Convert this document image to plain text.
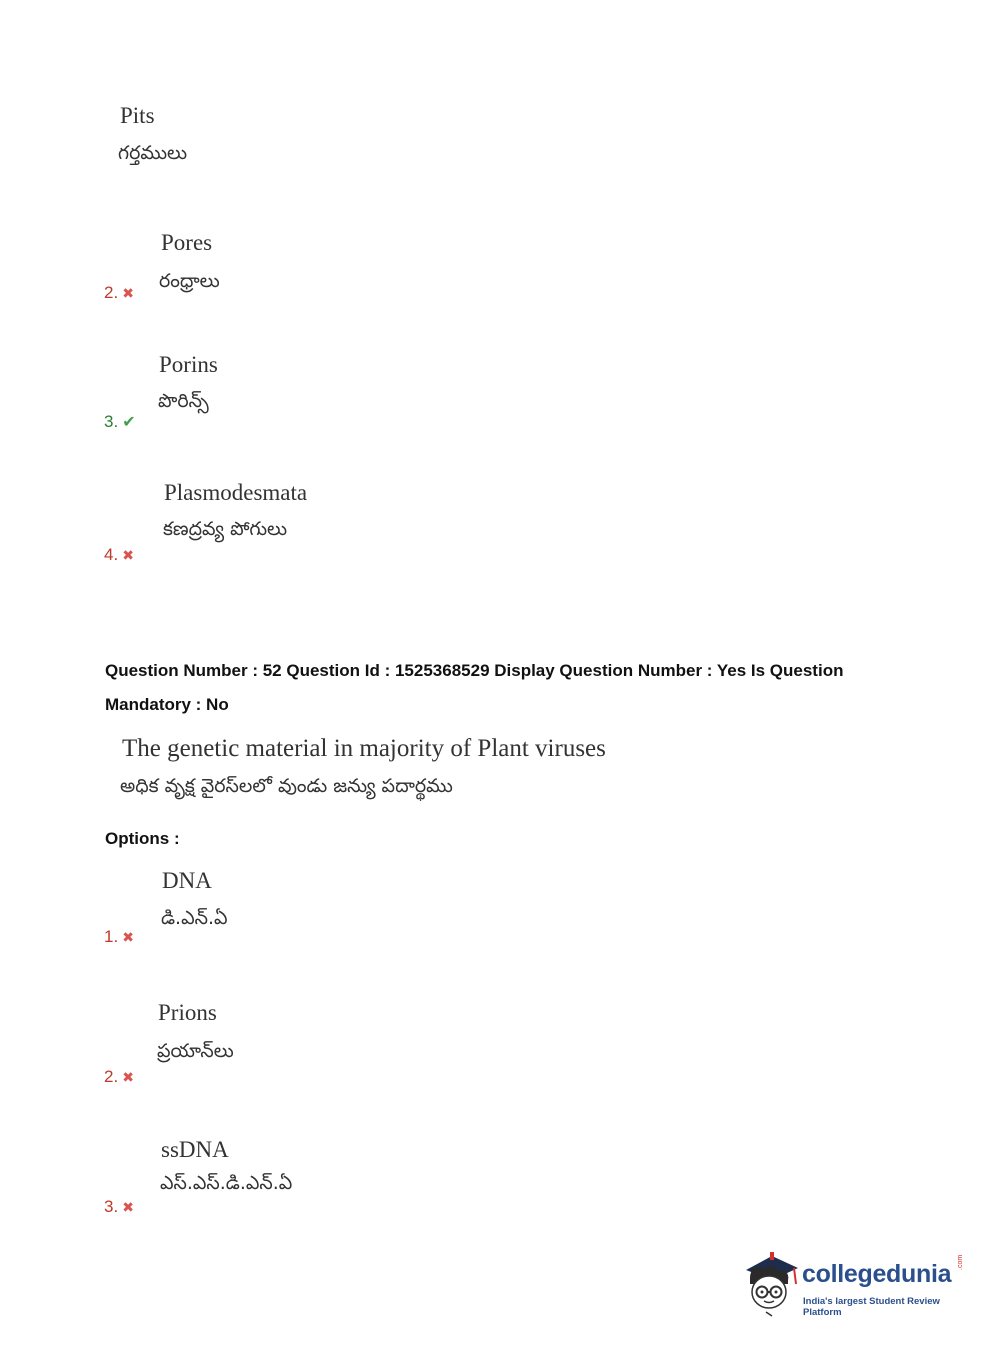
Pits
గర్తములు
Pores
రంధ్రాలు
2. ✖
Porins
పొరిన్స్
3. ✔
Plasmodesmata
కణద్రవ్య పోగులు
4. ✖
Question Number : 52 Question Id : 1525368529 Display Question Number : Yes Is Question
Mandatory : No
The genetic material in majority of Plant viruses
అధిక వృక్ష వైరస్‌లలో వుండు జన్యు పదార్థము
Options :
DNA
డి.ఎన్.ఏ
1. ✖
Prions
ప్రయాన్‌లు
2. ✖
ssDNA
ఎస్.ఎస్.డి.ఎన్.ఏ
3. ✖
collegedunia .com
India's largest Student Review Platform
